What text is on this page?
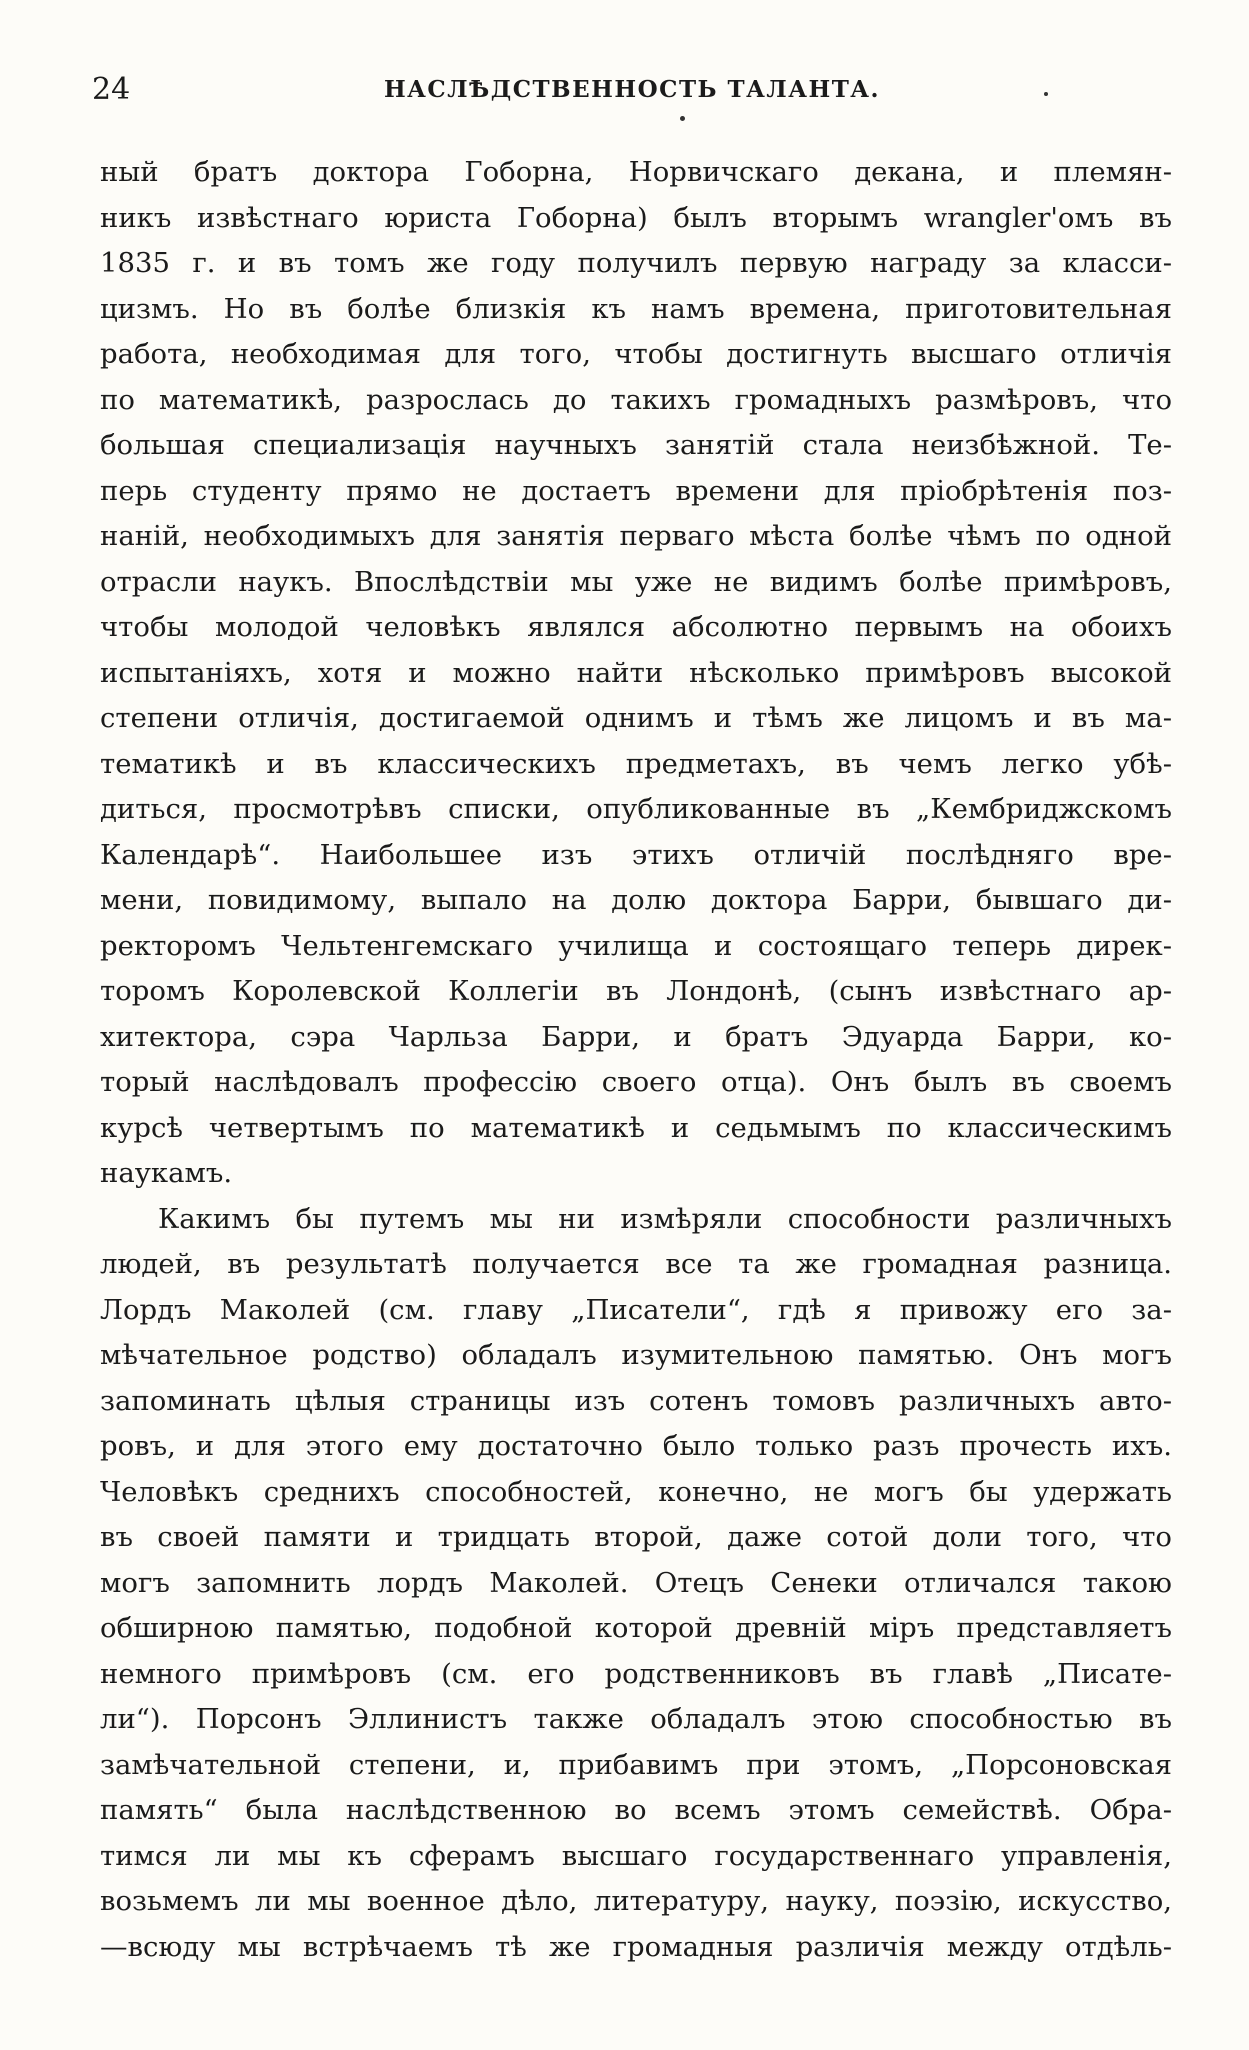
24	НАСЛѢДСТВЕННОСТЬ ТАЛАНТА.
ный братъ доктора Гоборна, Норвичскаго декана, и племян-
никъ извѣстнаго юриста Гоборна) былъ вторымъ wrangler'омъ въ
1835 г. и въ томъ же году получилъ первую награду за класси-
цизмъ. Но въ болѣе близкія къ намъ времена, приготовительная
работа, необходимая для того, чтобы достигнуть высшаго отличія
по математикѣ, разрослась до такихъ громадныхъ размѣровъ, что
большая специализація научныхъ занятій стала неизбѣжной. Те-
перь студенту прямо не достаетъ времени для пріобрѣтенія поз-
наній, необходимыхъ для занятія перваго мѣста болѣе чѣмъ по одной
отрасли наукъ. Впослѣдствіи мы уже не видимъ болѣе примѣровъ,
чтобы молодой человѣкъ являлся абсолютно первымъ на обоихъ
испытаніяхъ, хотя и можно найти нѣсколько примѣровъ высокой
степени отличія, достигаемой однимъ и тѣмъ же лицомъ и въ ма-
тематикѣ и въ классическихъ предметахъ, въ чемъ легко убѣ-
диться, просмотрѣвъ списки, опубликованные въ „Кембриджскомъ
Календарѣ“. Наибольшее изъ этихъ отличій послѣдняго вре-
мени, повидимому, выпало на долю доктора Барри, бывшаго ди-
ректоромъ Чельтенгемскаго училища и состоящаго теперь дирек-
торомъ Королевской Коллегіи въ Лондонѣ, (сынъ извѣстнаго ар-
хитектора, сэра Чарльза Барри, и братъ Эдуарда Барри, ко-
торый наслѣдовалъ профессію своего отца). Онъ былъ въ своемъ
курсѣ четвертымъ по математикѣ и седьмымъ по классическимъ
наукамъ.
Какимъ бы путемъ мы ни измѣряли способности различныхъ
людей, въ результатѣ получается все та же громадная разница.
Лордъ Маколей (см. главу „Писатели“, гдѣ я привожу его за-
мѣчательное родство) обладалъ изумительною памятью. Онъ могъ
запоминать цѣлыя страницы изъ сотенъ томовъ различныхъ авто-
ровъ, и для этого ему достаточно было только разъ прочесть ихъ.
Человѣкъ среднихъ способностей, конечно, не могъ бы удержать
въ своей памяти и тридцать второй, даже сотой доли того, что
могъ запомнить лордъ Маколей. Отецъ Сенеки отличался такою
обширною памятью, подобной которой древній міръ представляетъ
немного примѣровъ (см. его родственниковъ въ главѣ „Писате-
ли“). Порсонъ Эллинистъ также обладалъ этою способностью въ
замѣчательной степени, и, прибавимъ при этомъ, „Порсоновская
память“ была наслѣдственною во всемъ этомъ семействѣ. Обра-
тимся ли мы къ сферамъ высшаго государственнаго управленія,
возьмемъ ли мы военное дѣло, литературу, науку, поэзію, искусство,
—всюду мы встрѣчаемъ тѣ же громадныя различія между отдѣль-
